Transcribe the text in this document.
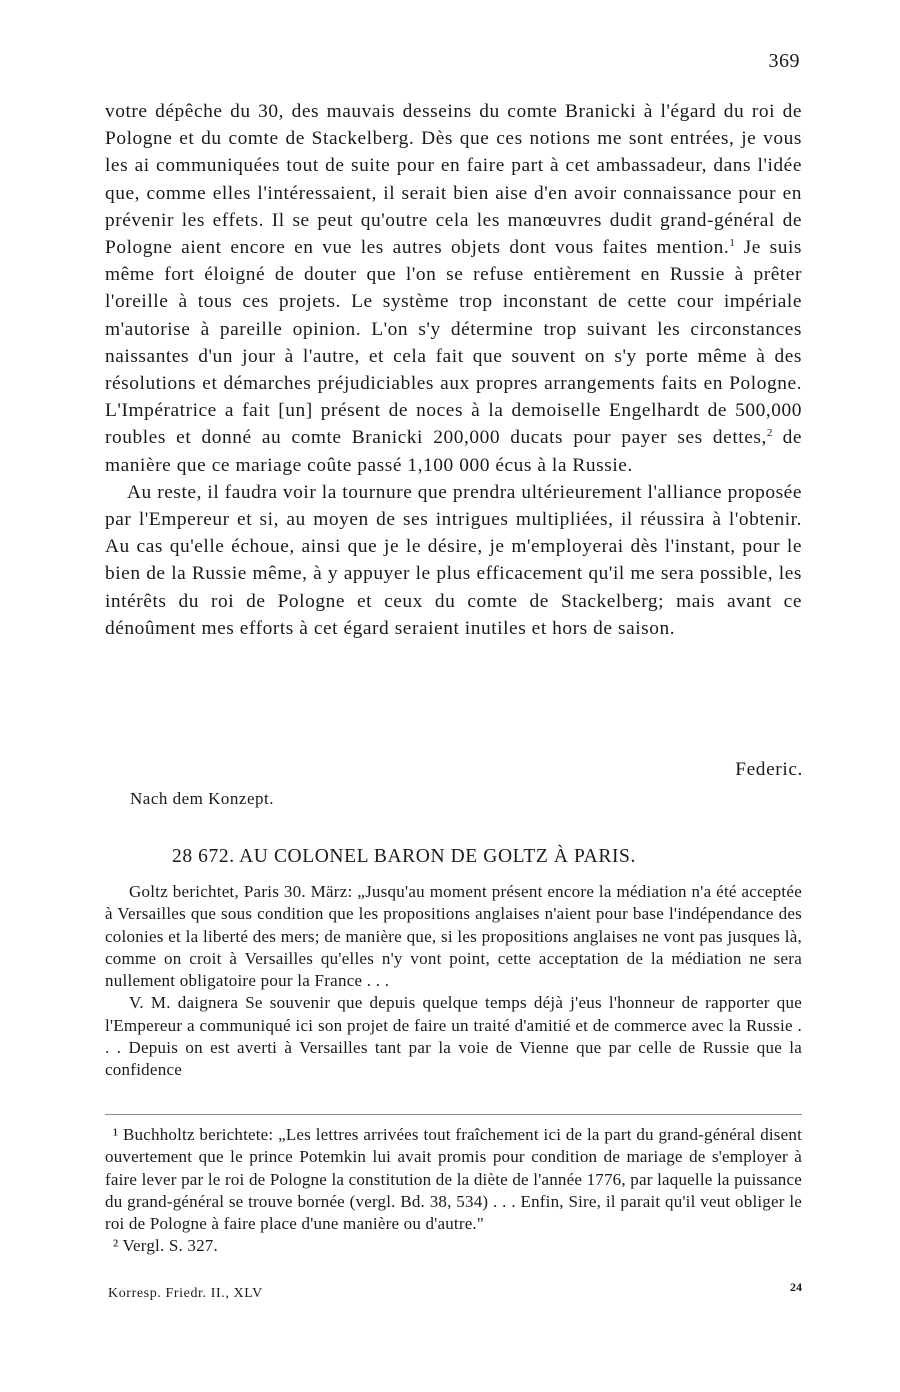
369

votre dépêche du 30, des mauvais desseins du comte Branicki à l'égard du roi de Pologne et du comte de Stackelberg. Dès que ces notions me sont entrées, je vous les ai communiquées tout de suite pour en faire part à cet ambassadeur, dans l'idée que, comme elles l'intéressaient, il serait bien aise d'en avoir connaissance pour en prévenir les effets. Il se peut qu'outre cela les manœuvres dudit grand-général de Pologne aient encore en vue les autres objets dont vous faites mention.$^1$ Je suis même fort éloigné de douter que l'on se refuse entièrement en Russie à prêter l'oreille à tous ces projets. Le système trop inconstant de cette cour impériale m'autorise à pareille opinion. L'on s'y détermine trop suivant les circonstances naissantes d'un jour à l'autre, et cela fait que souvent on s'y porte même à des résolutions et démarches préjudiciables aux propres arrangements faits en Pologne. L'Impératrice a fait [un] présent de noces à la demoiselle Engelhardt de 500,000 roubles et donné au comte Branicki 200,000 ducats pour payer ses dettes,$^2$ de manière que ce mariage coûte passé 1,100 000 écus à la Russie.

Au reste, il faudra voir la tournure que prendra ultérieurement l'alliance proposée par l'Empereur et si, au moyen de ses intrigues multipliées, il réussira à l'obtenir. Au cas qu'elle échoue, ainsi que je le désire, je m'employerai dès l'instant, pour le bien de la Russie même, à y appuyer le plus efficacement qu'il me sera possible, les intérêts du roi de Pologne et ceux du comte de Stackelberg; mais avant ce dénoûment mes efforts à cet égard seraient inutiles et hors de saison.

Federic.
Nach dem Konzept.
28 672. AU COLONEL BARON DE GOLTZ À PARIS.

Goltz berichtet, Paris 30. März: „Jusqu'au moment présent encore la médiation n'a été acceptée à Versailles que sous condition que les propositions anglaises n'aient pour base l'indépendance des colonies et la liberté des mers; de manière que, si les propositions anglaises ne vont pas jusques là, comme on croit à Versailles qu'elles n'y vont point, cette acceptation de la médiation ne sera nullement obligatoire pour la France . . .

V. M. daignera Se souvenir que depuis quelque temps déjà j'eus l'honneur de rapporter que l'Empereur a communiqué ici son projet de faire un traité d'amitié et de commerce avec la Russie . . . Depuis on est averti à Versailles tant par la voie de Vienne que par celle de Russie que la confidence

¹ Buchholtz berichtete: „Les lettres arrivées tout fraîchement ici de la part du grand-général disent ouvertement que le prince Potemkin lui avait promis pour condition de mariage de s'employer à faire lever par le roi de Pologne la constitution de la diète de l'année 1776, par laquelle la puissance du grand-général se trouve bornée (vergl. Bd. 38, 534) . . . Enfin, Sire, il parait qu'il veut obliger le roi de Pologne à faire place d'une manière ou d'autre."

² Vergl. S. 327.

24
Korresp. Friedr. II., XLV
